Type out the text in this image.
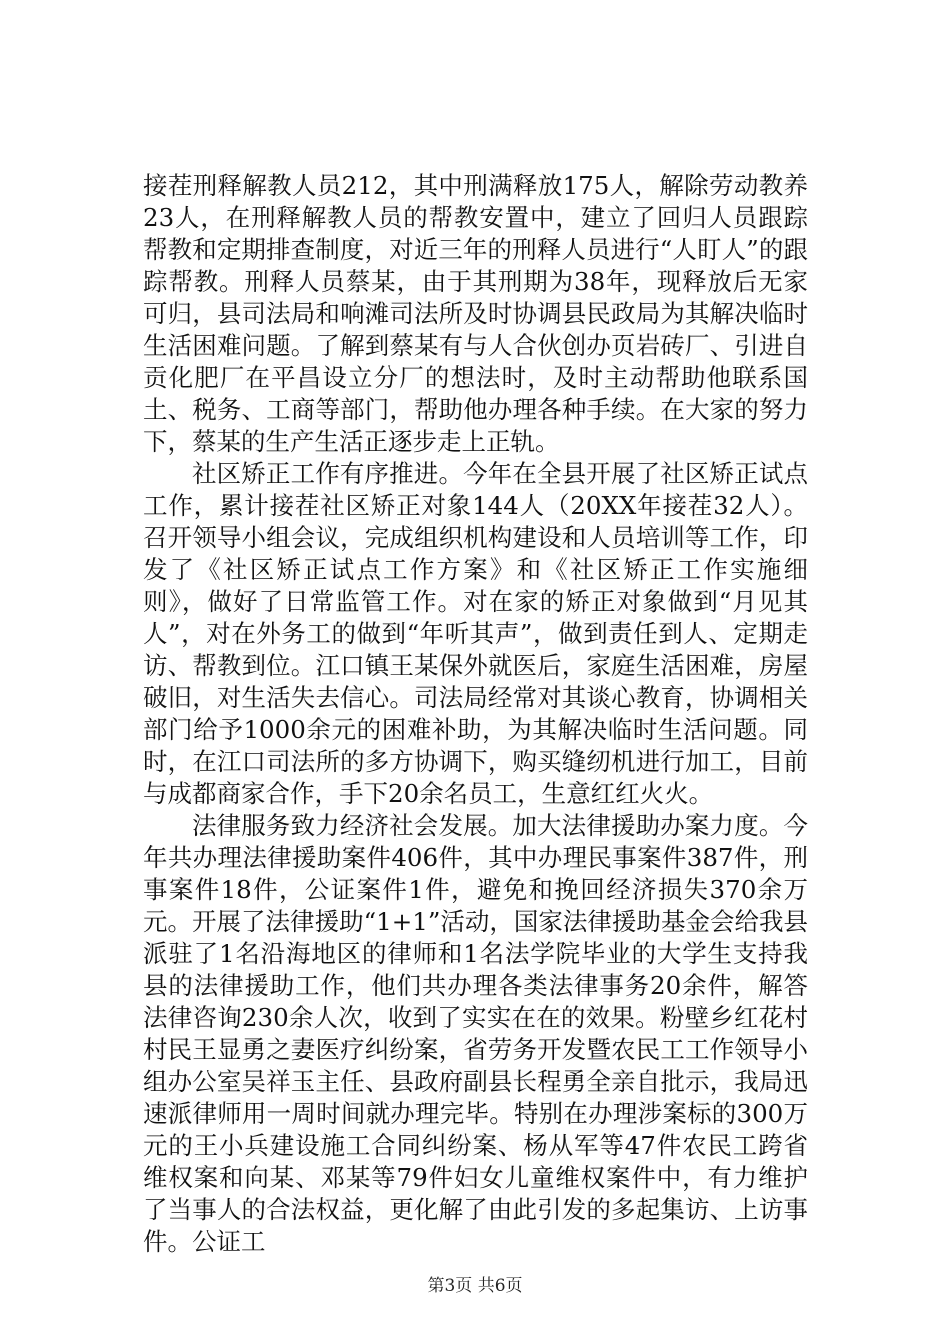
接茬刑释解教人员212，其中刑满释放175人，解除劳动教养23人，在刑释解教人员的帮教安置中，建立了回归人员跟踪帮教和定期排查制度，对近三年的刑释人员进行“人盯人”的跟踪帮教。刑释人员蔡某，由于其刑期为38年，现释放后无家可归，县司法局和响滩司法所及时协调县民政局为其解决临时生活困难问题。了解到蔡某有与人合伙创办页岩砖厂、引进自贡化肥厂在平昌设立分厂的想法时，及时主动帮助他联系国土、税务、工商等部门，帮助他办理各种手续。在大家的努力下，蔡某的生产生活正逐步走上正轨。

社区矫正工作有序推进。今年在全县开展了社区矫正试点工作，累计接茬社区矫正对象144人（20XX年接茬32人）。召开领导小组会议，完成组织机构建设和人员培训等工作，印发了《社区矫正试点工作方案》和《社区矫正工作实施细则》，做好了日常监管工作。对在家的矫正对象做到“月见其人”，对在外务工的做到“年听其声”，做到责任到人、定期走访、帮教到位。江口镇王某保外就医后，家庭生活困难，房屋破旧，对生活失去信心。司法局经常对其谈心教育，协调相关部门给予1000余元的困难补助，为其解决临时生活问题。同时，在江口司法所的多方协调下，购买缝纫机进行加工，目前与成都商家合作，手下20余名员工，生意红红火火。

法律服务致力经济社会发展。加大法律援助办案力度。今年共办理法律援助案件406件，其中办理民事案件387件，刑事案件18件，公证案件1件，避免和挽回经济损失370余万元。开展了法律援助“1+1”活动，国家法律援助基金会给我县派驻了1名沿海地区的律师和1名法学院毕业的大学生支持我县的法律援助工作，他们共办理各类法律事务20余件，解答法律咨询230余人次，收到了实实在在的效果。粉壁乡红花村村民王显勇之妻医疗纠纷案，省劳务开发暨农民工工作领导小组办公室吴祥玉主任、县政府副县长程勇全亲自批示，我局迅速派律师用一周时间就办理完毕。特别在办理涉案标的300万元的王小兵建设施工合同纠纷案、杨从军等47件农民工跨省维权案和向某、邓某等79件妇女儿童维权案件中，有力维护了当事人的合法权益，更化解了由此引发的多起集访、上访事件。公证工

第3页 共6页
